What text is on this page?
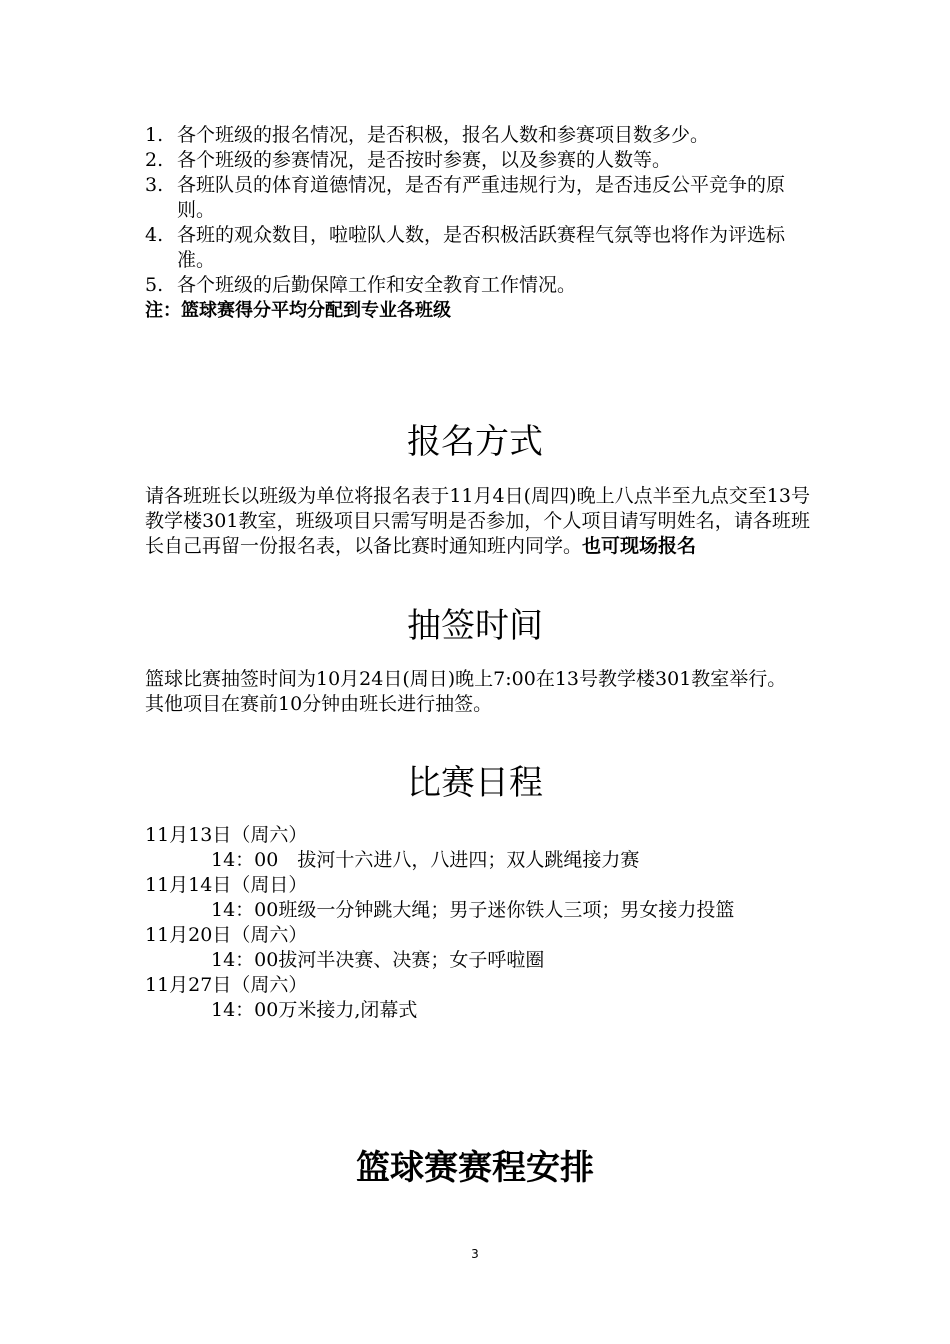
1. 各个班级的报名情况，是否积极，报名人数和参赛项目数多少。
2. 各个班级的参赛情况，是否按时参赛，以及参赛的人数等。
3. 各班队员的体育道德情况，是否有严重违规行为，是否违反公平竞争的原则。
4. 各班的观众数目，啦啦队人数，是否积极活跃赛程气氛等也将作为评选标准。
5. 各个班级的后勤保障工作和安全教育工作情况。
注：篮球赛得分平均分配到专业各班级
报名方式
请各班班长以班级为单位将报名表于11月4日(周四)晚上八点半至九点交至13号教学楼301教室，班级项目只需写明是否参加，个人项目请写明姓名，请各班班长自己再留一份报名表，以备比赛时通知班内同学。也可现场报名
抽签时间
篮球比赛抽签时间为10月24日(周日)晚上7:00在13号教学楼301教室举行。
其他项目在赛前10分钟由班长进行抽签。
比赛日程
11月13日（周六）
14：00　拔河十六进八，八进四；双人跳绳接力赛
11月14日（周日）
14：00班级一分钟跳大绳；男子迷你铁人三项；男女接力投篮
11月20日（周六）
14：00拔河半决赛、决赛；女子呼啦圈
11月27日（周六）
14：00万米接力,闭幕式
篮球赛赛程安排
3
